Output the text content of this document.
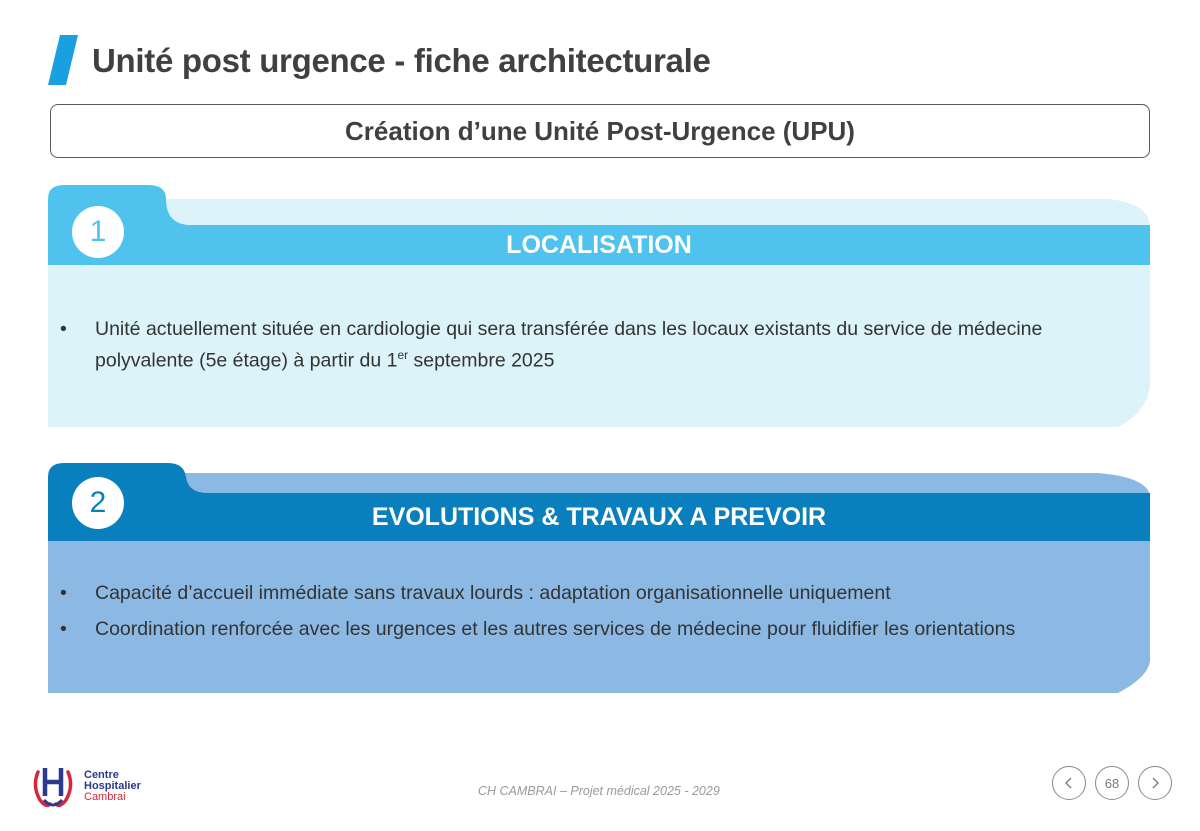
Unité post urgence - fiche architecturale
Création d’une Unité Post-Urgence (UPU)
1	LOCALISATION
• Unité actuellement située en cardiologie qui sera transférée dans les locaux existants du service de médecine polyvalente (5e étage) à partir du 1er septembre 2025
2	EVOLUTIONS & TRAVAUX A PREVOIR
• Capacité d’accueil immédiate sans travaux lourds : adaptation organisationnelle uniquement
• Coordination renforcée avec les urgences et les autres services de médecine pour fluidifier les orientations
Centre
Hospitalier
Cambrai	CH CAMBRAI – Projet médical 2025 - 2029
68
